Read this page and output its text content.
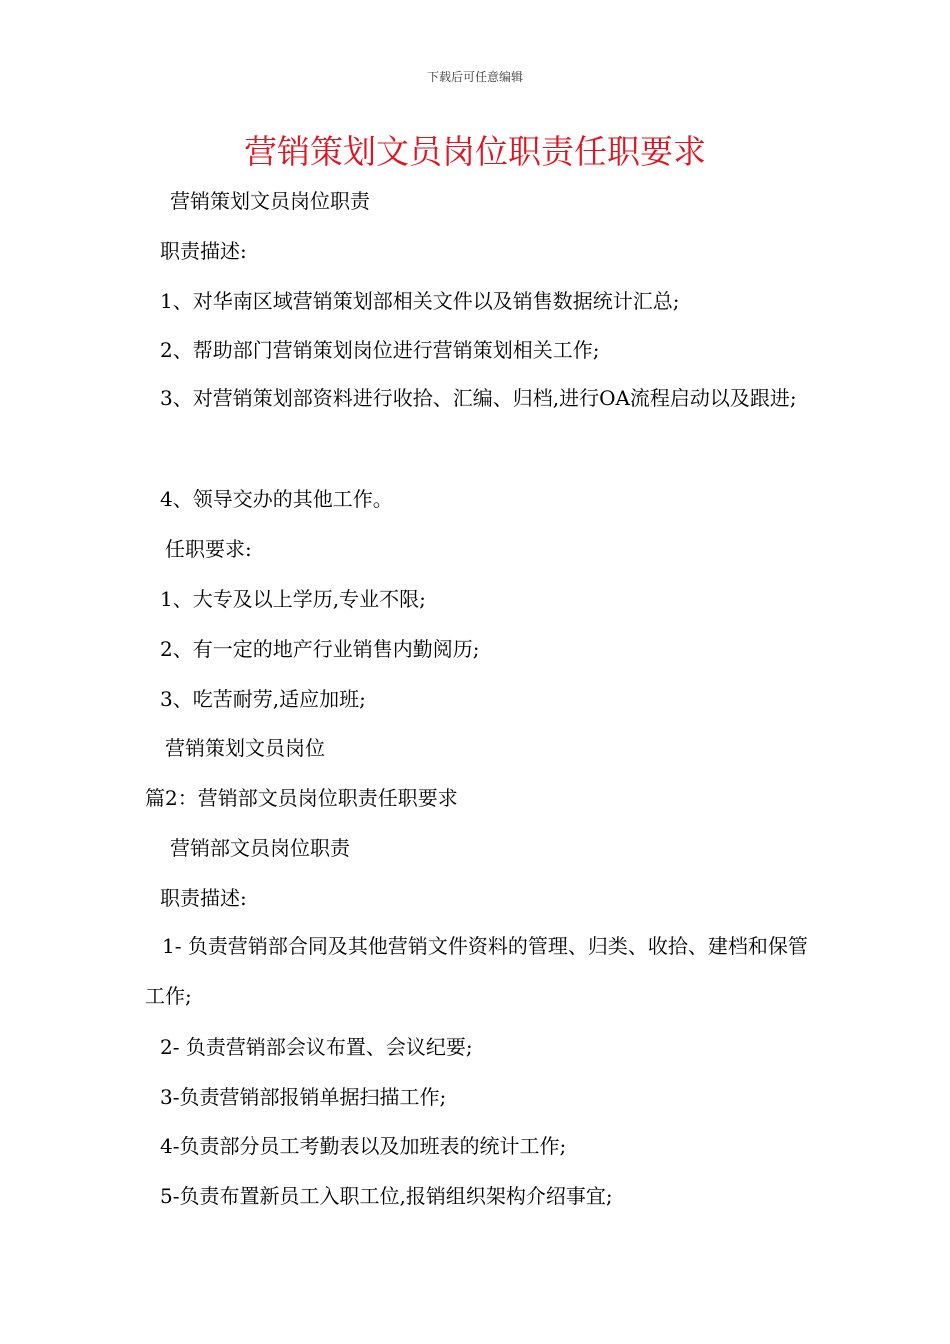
下载后可任意编辑
营销策划文员岗位职责任职要求
营销策划文员岗位职责
职责描述:
1、对华南区域营销策划部相关文件以及销售数据统计汇总;
2、帮助部门营销策划岗位进行营销策划相关工作;
3、对营销策划部资料进行收拾、汇编、归档,进行OA流程启动以及跟进;
4、领导交办的其他工作。
任职要求:
1、大专及以上学历,专业不限;
2、有一定的地产行业销售内勤阅历;
3、吃苦耐劳,适应加班;
营销策划文员岗位
篇2：营销部文员岗位职责任职要求
营销部文员岗位职责
职责描述:
1- 负责营销部合同及其他营销文件资料的管理、归类、收拾、建档和保管工作;
2- 负责营销部会议布置、会议纪要;
3-负责营销部报销单据扫描工作;
4-负责部分员工考勤表以及加班表的统计工作;
5-负责布置新员工入职工位,报销组织架构介绍事宜;
